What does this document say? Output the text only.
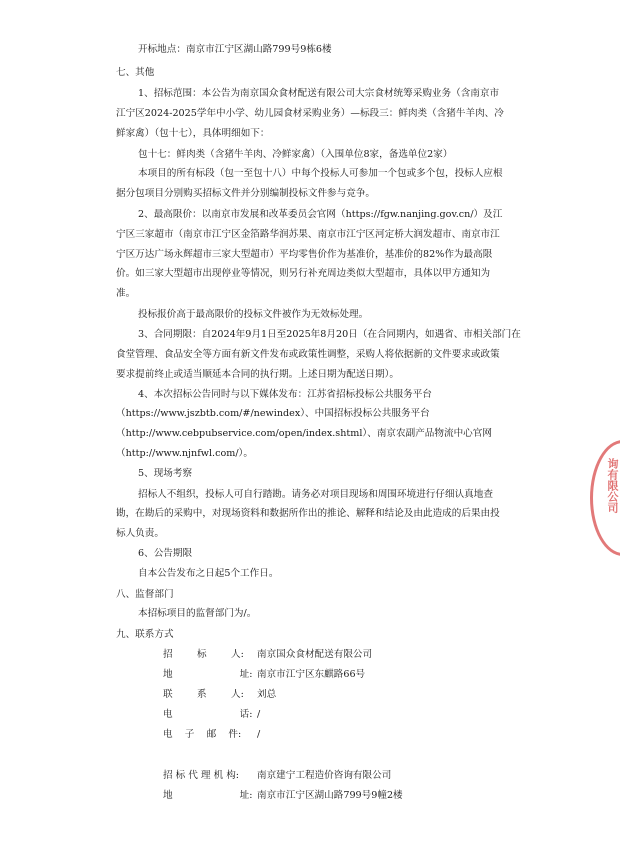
开标地点：南京市江宁区湖山路799号9栋6楼
七、其他
1、招标范围：本公告为南京国众食材配送有限公司大宗食材统筹采购业务（含南京市
江宁区2024-2025学年中小学、幼儿园食材采购业务）—标段三：鲜肉类（含猪牛羊肉、冷
鲜家禽）（包十七），具体明细如下：
包十七：鲜肉类（含猪牛羊肉、冷鲜家禽）（入围单位8家，备选单位2家）
本项目的所有标段（包一至包十八）中每个投标人可参加一个包或多个包，投标人应根
据分包项目分别购买招标文件并分别编制投标文件参与竞争。
2、最高限价：以南京市发展和改革委员会官网（https://fgw.nanjing.gov.cn/）及江
宁区三家超市（南京市江宁区金箔路华润苏果、南京市江宁区河定桥大润发超市、南京市江
宁区万达广场永辉超市三家大型超市）平均零售价作为基准价，基准价的82%作为最高限
价。如三家大型超市出现停业等情况，则另行补充周边类似大型超市，具体以甲方通知为
准。
投标报价高于最高限价的投标文件被作为无效标处理。
3、合同期限：自2024年9月1日至2025年8月20日（在合同期内，如遇省、市相关部门在
食堂管理、食品安全等方面有新文件发布或政策性调整，采购人将依据新的文件要求或政策
要求提前终止或适当顺延本合同的执行期。上述日期为配送日期）。
4、本次招标公告同时与以下媒体发布：江苏省招标投标公共服务平台
（https://www.jszbtb.com/#/newindex）、中国招标投标公共服务平台
（http://www.cebpubservice.com/open/index.shtml）、南京农副产品物流中心官网
（http://www.njnfwl.com/）。
5、现场考察
招标人不组织，投标人可自行踏勘。请务必对项目现场和周围环境进行仔细认真地查
勘，在勘后的采购中，对现场资料和数据所作出的推论、解释和结论及由此造成的后果由投
标人负责。
6、公告期限
自本公告发布之日起5个工作日。
八、监督部门
本招标项目的监督部门为/。
九、联系方式
招        标        人: 南京国众食材配送有限公司
地                      址: 南京市江宁区东麒路66号
联        系        人: 刘总
电                      话: /
电    子    邮    件: /
招 标 代 理 机 构: 南京建宁工程造价咨询有限公司
地                      址: 南京市江宁区湖山路799号9幢2楼
询有限公司
